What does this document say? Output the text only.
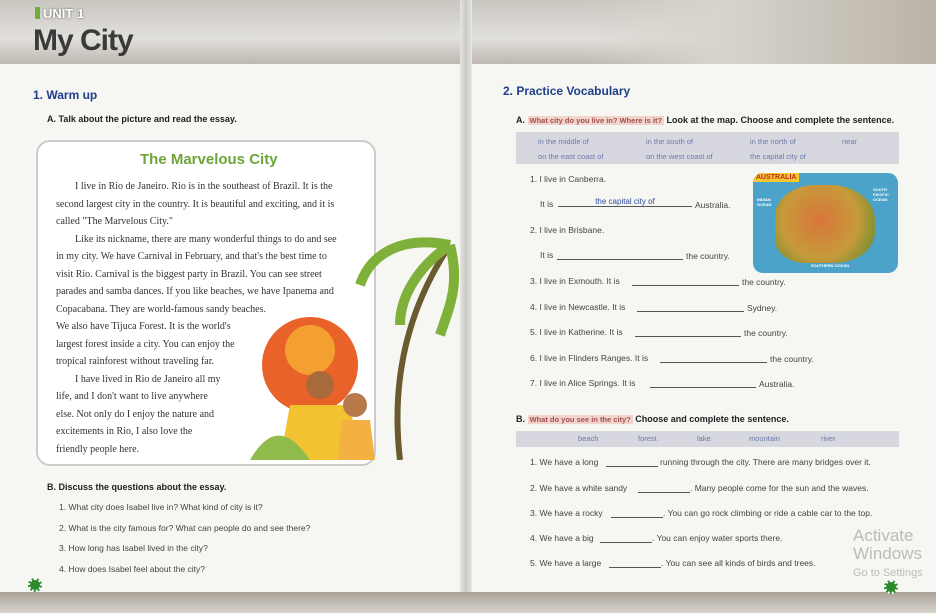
UNIT 1
My City
1. Warm up
A. Talk about the picture and read the essay.
The Marvelous City
B. Discuss the questions about the essay.
2. Practice Vocabulary
A. What city do you live in? Where is it? Look at the map. Choose and complete the sentence.
AUSTRALIA
INDIAN OCEAN
SOUTH PACIFIC OCEAN
SOUTHERN OCEAN
B. What do you see in the city? Choose and complete the sentence.
Activate Windows
Go to Settings
I live in Rio de Janeiro. Rio is in the southeast of Brazil. It is the
second largest city in the country. It is beautiful and exciting, and it is
called "The Marvelous City."
Like its nickname, there are many wonderful things to do and see
in my city. We have Carnival in February, and that's the best time to
visit Rio. Carnival is the biggest party in Brazil. You can see street
parades and samba dances. If you like beaches, we have Ipanema and
Copacabana. They are world-famous sandy beaches.
We also have Tijuca Forest. It is the world's
largest forest inside a city. You can enjoy the
tropical rainforest without traveling far.
I have lived in Rio de Janeiro all my
life, and I don't want to live anywhere
else. Not only do I enjoy the nature and
excitements in Rio, I also love the
friendly people here.
1. What city does Isabel live in? What kind of city is it?
2. What is the city famous for? What can people do and see there?
3. How long has Isabel lived in the city?
4. How does Isabel feel about the city?
in the middle of	in the south of	in the north of	near
on the east coast of	on the west coast of	the capital city of
1. I live in Canberra.
It is	the capital city of	Australia.
2. I live in Brisbane.
It is	the country.
3. I live in Exmouth. It is	the country.
4. I live in Newcastle. It is	Sydney.
5. I live in Katherine. It is	the country.
6. I live in Flinders Ranges. It is	the country.
7. I live in Alice Springs. It is	Australia.
beach	forest	lake	mountain	river
1. We have a long	running through the city. There are many bridges over it.
2. We have a white sandy	. Many people come for the sun and the waves.
3. We have a rocky	. You can go rock climbing or ride a cable car to the top.
4. We have a big	. You can enjoy water sports there.
5. We have a large	. You can see all kinds of birds and trees.
